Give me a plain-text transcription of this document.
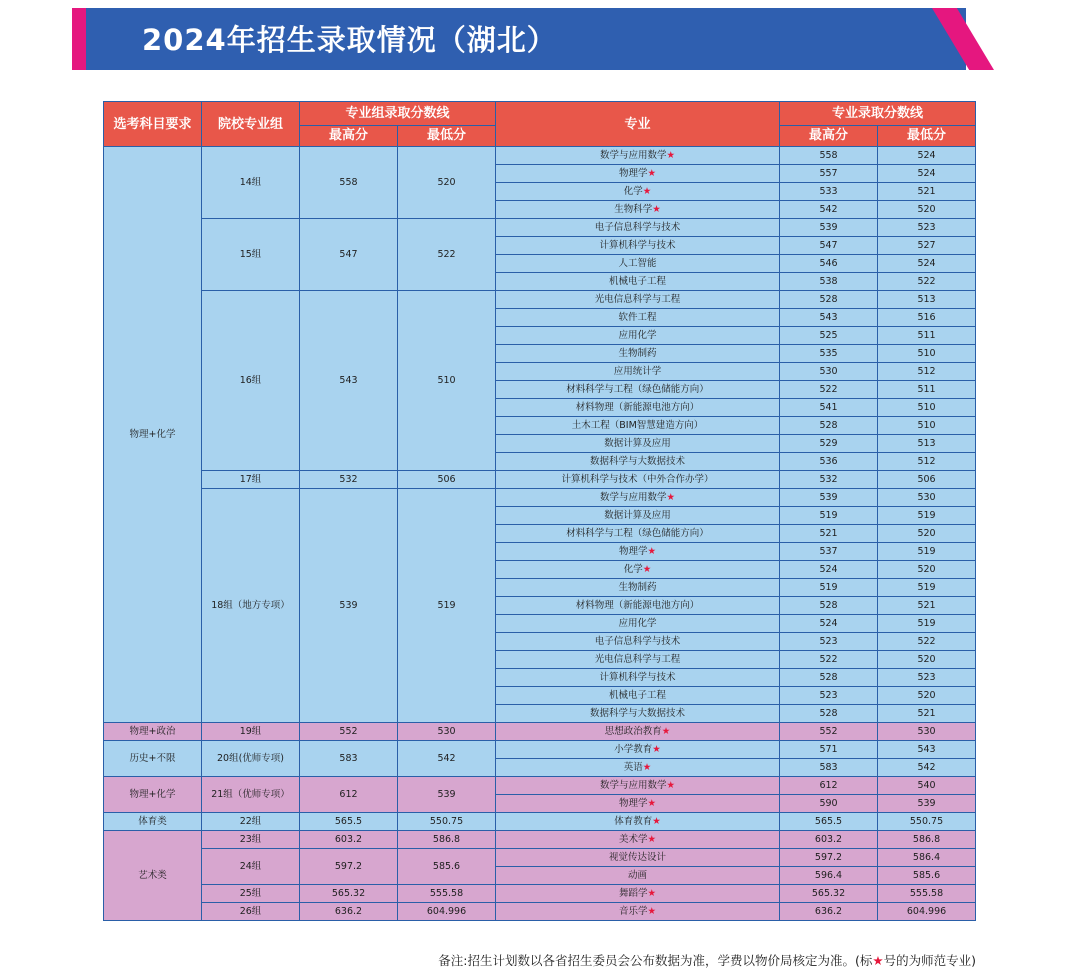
2024年招生录取情况（湖北）
选考科目要求	院校专业组	专业组录取分数线		专业	专业录取分数线	
		最高分	最低分		最高分	最低分
物理+化学	14组	558	520	数学与应用数学★	558	524
				物理学★	557	524
				化学★	533	521
				生物科学★	542	520
	15组	547	522	电子信息科学与技术	539	523
				计算机科学与技术	547	527
				人工智能	546	524
				机械电子工程	538	522
	16组	543	510	光电信息科学与工程	528	513
				软件工程	543	516
				应用化学	525	511
				生物制药	535	510
				应用统计学	530	512
				材料科学与工程（绿色储能方向）	522	511
				材料物理（新能源电池方向）	541	510
				土木工程（BIM智慧建造方向）	528	510
				数据计算及应用	529	513
				数据科学与大数据技术	536	512
	17组	532	506	计算机科学与技术（中外合作办学）	532	506
	18组（地方专项）	539	519	数学与应用数学★	539	530
				数据计算及应用	519	519
				材料科学与工程（绿色储能方向）	521	520
				物理学★	537	519
				化学★	524	520
				生物制药	519	519
				材料物理（新能源电池方向）	528	521
				应用化学	524	519
				电子信息科学与技术	523	522
				光电信息科学与工程	522	520
				计算机科学与技术	528	523
				机械电子工程	523	520
				数据科学与大数据技术	528	521
物理+政治	19组	552	530	思想政治教育★	552	530
历史+不限	20组(优师专项)	583	542	小学教育★	571	543
				英语★	583	542
物理+化学	21组（优师专项）	612	539	数学与应用数学★	612	540
				物理学★	590	539
体育类	22组	565.5	550.75	体育教育★	565.5	550.75
艺术类	23组	603.2	586.8	美术学★	603.2	586.8
	24组	597.2	585.6	视觉传达设计	597.2	586.4
				动画	596.4	585.6
	25组	565.32	555.58	舞蹈学★	565.32	555.58
	26组	636.2	604.996	音乐学★	636.2	604.996
备注:招生计划数以各省招生委员会公布数据为准，学费以物价局核定为准。(标★号的为师范专业)
